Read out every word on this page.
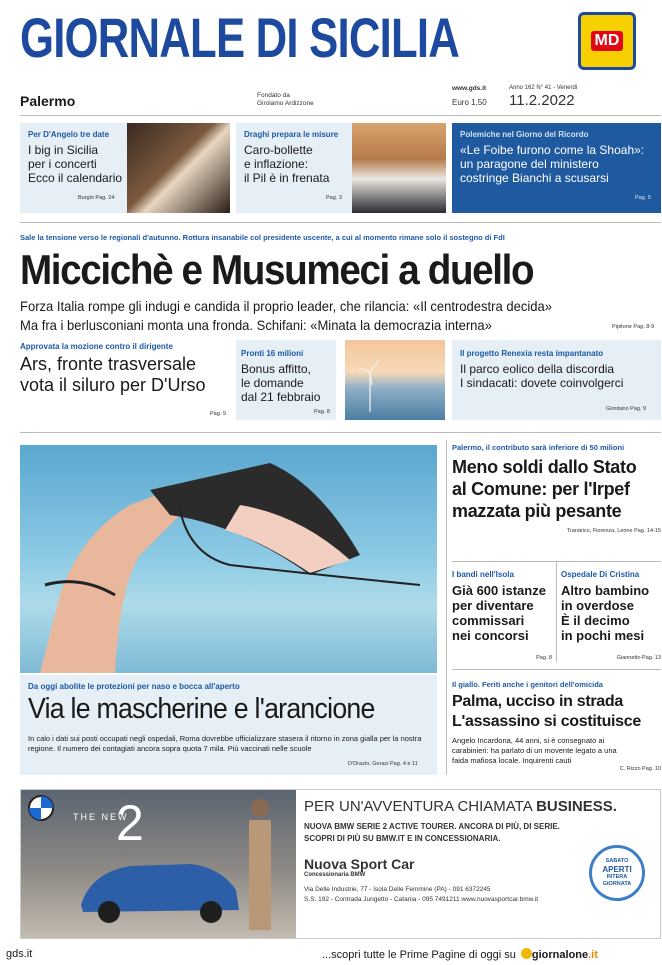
GIORNALE DI SICILIA	MD
Palermo	Fondato da
Girolamo Ardizzone
www.gds.it
Euro 1,50
Anno 162 N° 41 - Venerdì
11.2.2022
Per D'Angelo tre date
I big in Sicilia
per i concerti
Ecco il calendario
Burgio Pag. 24
Draghi prepara le misure
Caro-bollette
e inflazione:
il Pil è in frenata
Pag. 3
Polemiche nel Giorno del Ricordo
«Le Foibe furono come la Shoah»:
un paragone del ministero
costringe Bianchi a scusarsi
Pag. 5
Sale la tensione verso le regionali d'autunno. Rottura insanabile col presidente uscente, a cui al momento rimane solo il sostegno di FdI
Miccichè e Musumeci a duello
Forza Italia rompe gli indugi e candida il proprio leader, che rilancia: «Il centrodestra decida»
Ma fra i berlusconiani monta una fronda. Schifani: «Minata la democrazia interna»	Pipitone Pag. 8-9
Approvata la mozione contro il dirigente
Ars, fronte trasversale
vota il siluro per D'Urso
Pag. 9
Pronti 16 milioni
Bonus affitto,
le domande
dal 21 febbraio
Pag. 8
Il progetto Renexia resta impantanato
Il parco eolico della discordia
I sindacati: dovete coinvolgerci
Giordano Pag. 9
Da oggi abolite le protezioni per naso e bocca all'aperto
Via le mascherine e l'arancione
In calo i dati sui posti occupati negli ospedali, Roma dovrebbe ufficializzare stasera il ritorno in zona gialla per la nostra regione. Il numero dei contagiati ancora sopra quota 7 mila. Più vaccinati nelle scuole
D'Orazio, Geraci Pag. 4 e 11
Palermo, il contributo sarà inferiore di 50 milioni
Meno soldi dallo Stato
al Comune: per l'Irpef
mazzata più pesante
Tranàrico, Fiorenza, Leone Pag. 14-15
I bandi nell'Isola
Già 600 istanze
per diventare
commissari
nei concorsi
Pag. 8
Ospedale Di Cristina
Altro bambino
in overdose
È il decimo
in pochi mesi
Giannetto Pag. 13
Il giallo. Feriti anche i genitori dell'omicida
Palma, ucciso in strada
L'assassino si costituisce
Angelo Incardona, 44 anni, si è consegnato ai
carabinieri: ha parlato di un movente legato a una
faida mafiosa locale. Inquirenti cauti
C. Rizzo Pag. 10
THE NEW
2	PER UN'AVVENTURA CHIAMATA BUSINESS.
NUOVA BMW SERIE 2 ACTIVE TOURER. ANCORA DI PIÙ, DI SERIE.
SCOPRI DI PIÙ SU BMW.IT E IN CONCESSIONARIA.
Nuova Sport Car
Concessionaria BMW
Via Delle Industrie, 77 - Isola Delle Femmine (PA) - 091 6372245
S.S. 192 - Contrada Jungetto - Catania - 095 7491211 www.nuovasportcar.bmw.it
SABATO
APERTI
INTERA
GIORNATA
gds.it	...scopri tutte le Prime Pagine di oggi su giornalone.it
